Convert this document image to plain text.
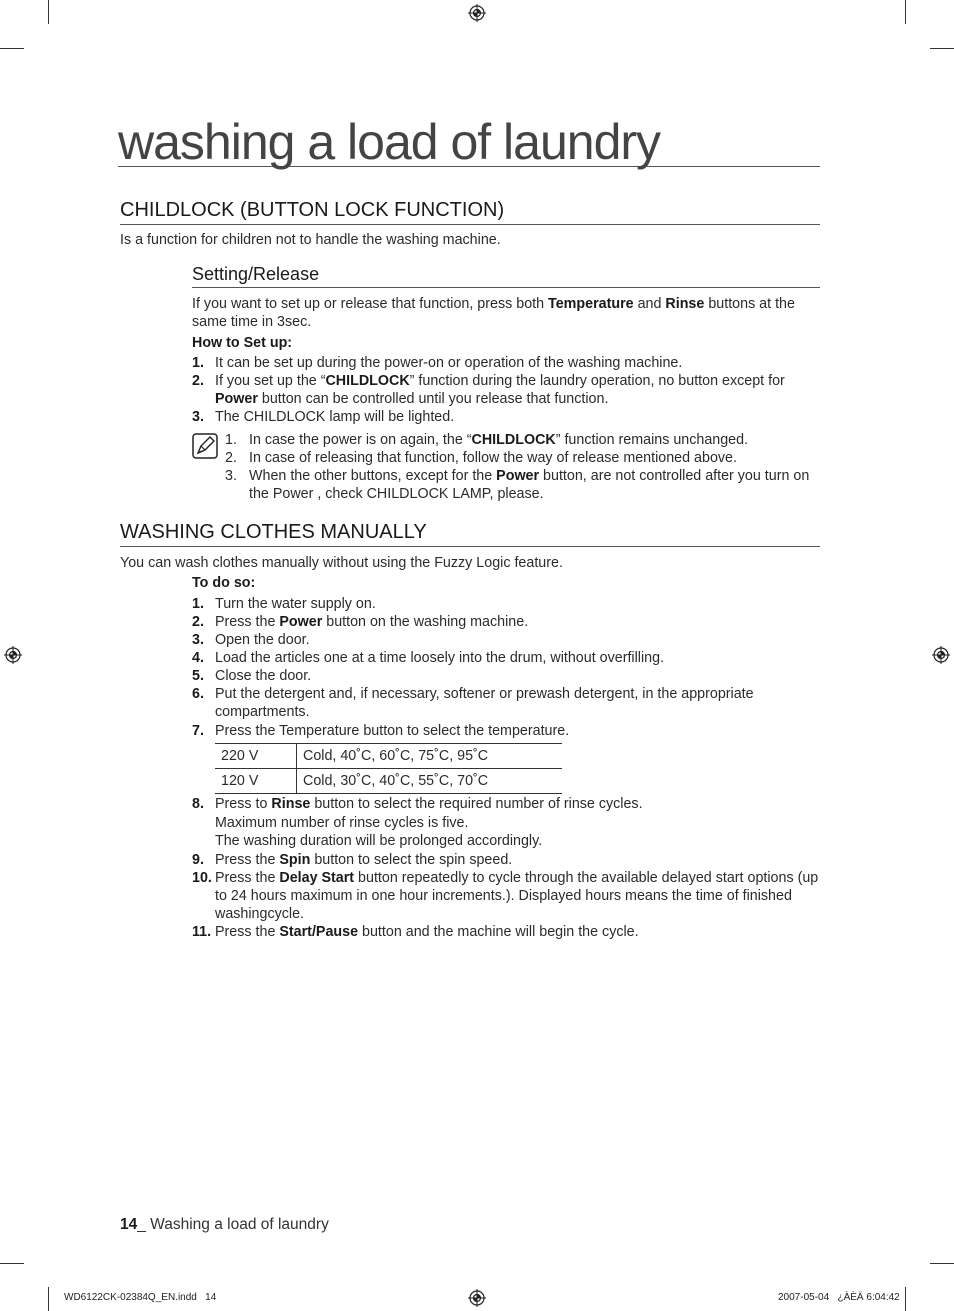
washing a load of laundry
CHILDLOCK (BUTTON LOCK FUNCTION)
Is a function for children not to handle the washing machine.
Setting/Release
If you want to set up or release that function, press both Temperature and Rinse buttons at the same time in 3sec.
How to Set up:
1. It can be set up during the power-on or operation of the washing machine.
2. If you set up the “CHILDLOCK” function during the laundry operation, no button except for Power button can be controlled until you release that function.
3. The CHILDLOCK lamp will be lighted.
1. In case the power is on again, the “CHILDLOCK” function remains unchanged.
2. In case of releasing that function, follow the way of release mentioned above.
3. When the other buttons, except for the Power button, are not controlled after you turn on the Power , check CHILDLOCK LAMP, please.
WASHING CLOTHES MANUALLY
You can wash clothes manually without using the Fuzzy Logic feature.
To do so:
1. Turn the water supply on.
2. Press the Power button on the washing machine.
3. Open the door.
4. Load the articles one at a time loosely into the drum, without overfilling.
5. Close the door.
6. Put the detergent and, if necessary, softener or prewash detergent, in the appropriate compartments.
7. Press the Temperature button to select the temperature.
220 V	Cold, 40˚C, 60˚C, 75˚C, 95˚C
120 V	Cold, 30˚C, 40˚C, 55˚C, 70˚C
8. Press to Rinse button to select the required number of rinse cycles.
Maximum number of rinse cycles is five.
The washing duration will be prolonged accordingly.
9. Press the Spin button to select the spin speed.
10. Press the Delay Start button repeatedly to cycle through the available delayed start options (up to 24 hours maximum in one hour increments.). Displayed hours means the time of finished washingcycle.
11. Press the Start/Pause button and the machine will begin the cycle.
14_ Washing a load of laundry
WD6122CK-02384Q_EN.indd   14	2007-05-04   ¿ÀÈÄ 6:04:42
